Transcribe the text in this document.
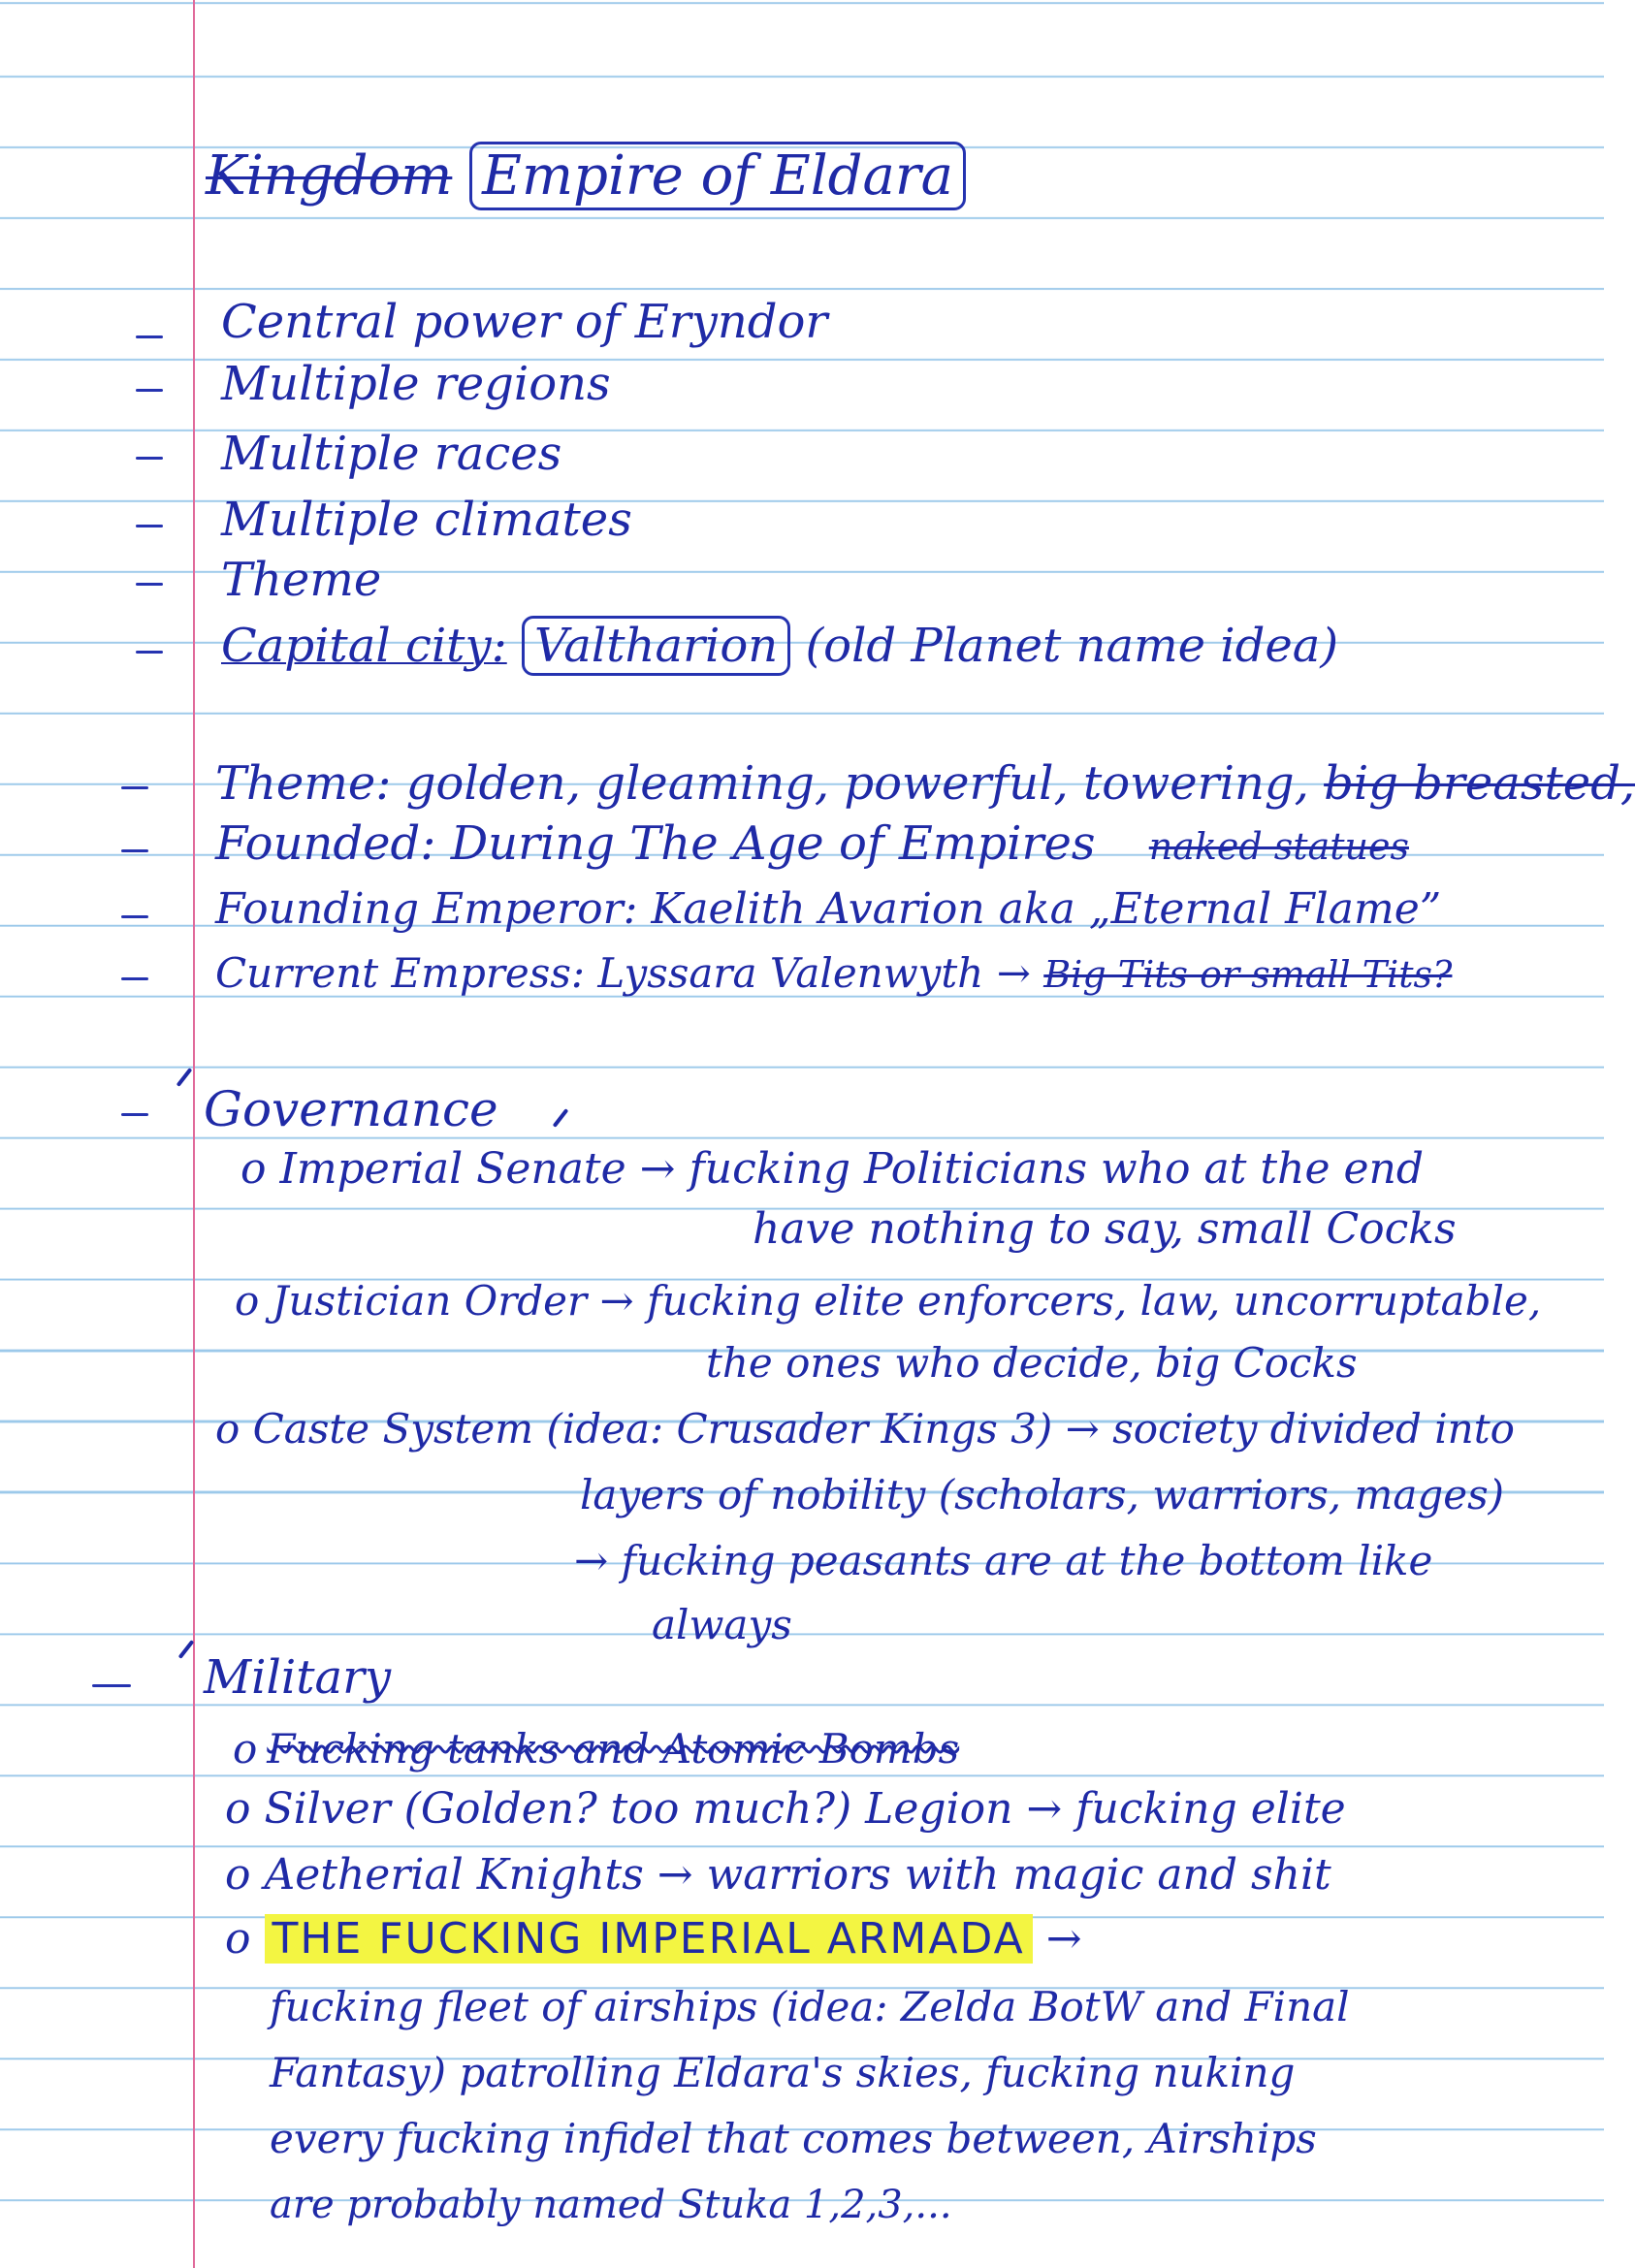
Kingdom Empire of Eldara
Central power of Eryndor
Multiple regions
Multiple races
Multiple climates
Theme
Capital city: Valtharion (old Planet name idea)
Theme: golden, gleaming, powerful, towering, big breasted,
Founded: During The Age of Empires naked statues
Founding Emperor: Kaelith Avarion aka „Eternal Flame”
Current Empress: Lyssara Valenwyth → Big Tits or small Tits?
Governance
o Imperial Senate → fucking Politicians who at the end
have nothing to say, small Cocks
o Justician Order → fucking elite enforcers, law, uncorruptable,
the ones who decide, big Cocks
o Caste System (idea: Crusader Kings 3) → society divided into
layers of nobility (scholars, warriors, mages)
→ fucking peasants are at the bottom like
always
Military
o Fucking tanks and Atomic Bombs
o Silver (Golden? too much?) Legion → fucking elite
o Aetherial Knights → warriors with magic and shit
o THE FUCKING IMPERIAL ARMADA →
fucking fleet of airships (idea: Zelda BotW and Final
Fantasy) patrolling Eldara's skies, fucking nuking
every fucking infidel that comes between, Airships
are probably named Stuka 1,2,3,...
